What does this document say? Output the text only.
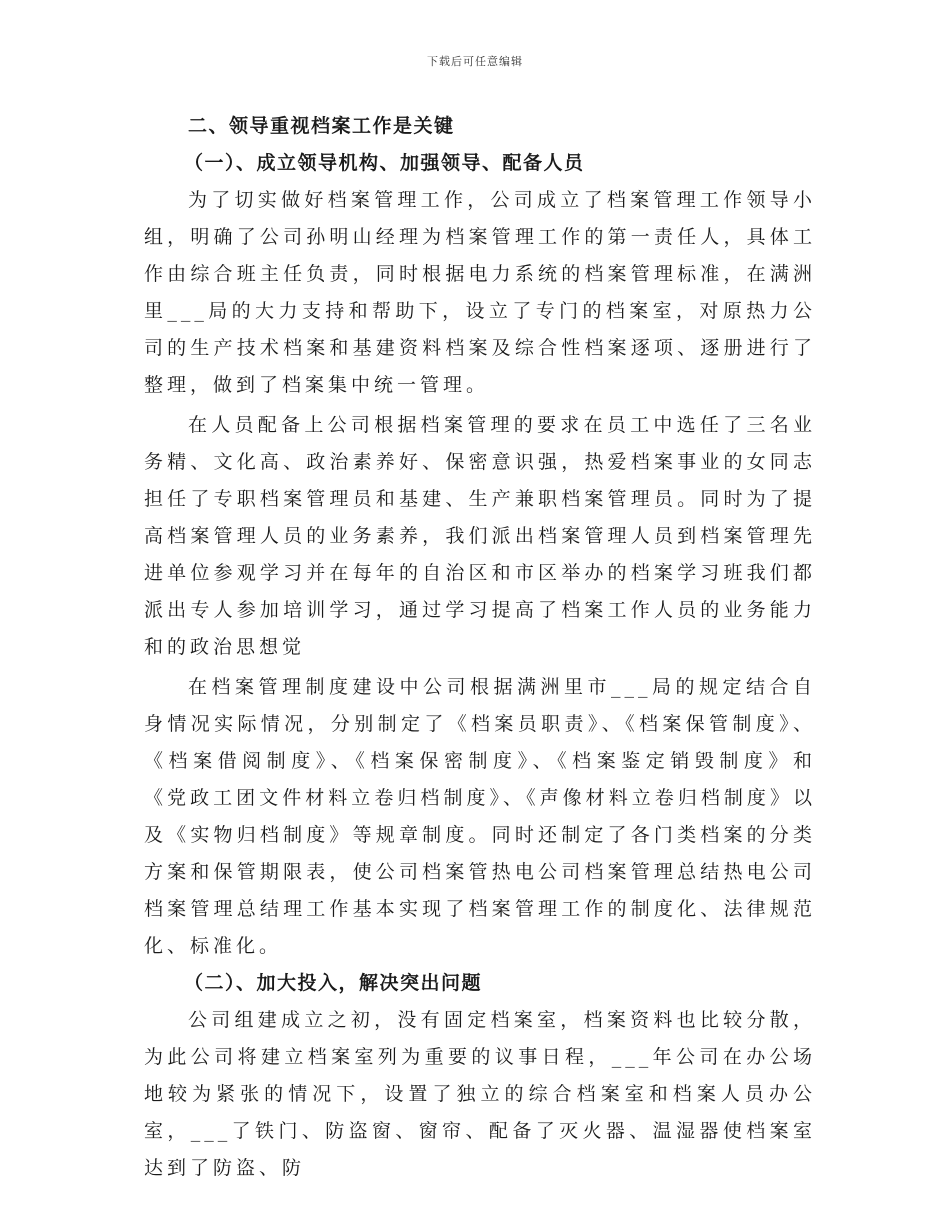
下载后可任意编辑
二、领导重视档案工作是关键
（一）、成立领导机构、加强领导、配备人员

为了切实做好档案管理工作，公司成立了档案管理工作领导小组，明确了公司孙明山经理为档案管理工作的第一责任人，具体工作由综合班主任负责，同时根据电力系统的档案管理标准，在满洲里___局的大力支持和帮助下，设立了专门的档案室，对原热力公司的生产技术档案和基建资料档案及综合性档案逐项、逐册进行了整理，做到了档案集中统一管理。

在人员配备上公司根据档案管理的要求在员工中选任了三名业务精、文化高、政治素养好、保密意识强，热爱档案事业的女同志担任了专职档案管理员和基建、生产兼职档案管理员。同时为了提高档案管理人员的业务素养，我们派出档案管理人员到档案管理先进单位参观学习并在每年的自治区和市区举办的档案学习班我们都派出专人参加培训学习，通过学习提高了档案工作人员的业务能力和的政治思想觉

在档案管理制度建设中公司根据满洲里市___局的规定结合自身情况实际情况，分别制定了《档案员职责》、《档案保管制度》、《档案借阅制度》、《档案保密制度》、《档案鉴定销毁制度》和《党政工团文件材料立卷归档制度》、《声像材料立卷归档制度》以及《实物归档制度》等规章制度。同时还制定了各门类档案的分类方案和保管期限表，使公司档案管热电公司档案管理总结热电公司档案管理总结理工作基本实现了档案管理工作的制度化、法律规范化、标准化。

（二）、加大投入，解决突出问题

公司组建成立之初，没有固定档案室，档案资料也比较分散，为此公司将建立档案室列为重要的议事日程，___年公司在办公场地较为紧张的情况下，设置了独立的综合档案室和档案人员办公室，___了铁门、防盗窗、窗帘、配备了灭火器、温湿器使档案室达到了防盗、防
